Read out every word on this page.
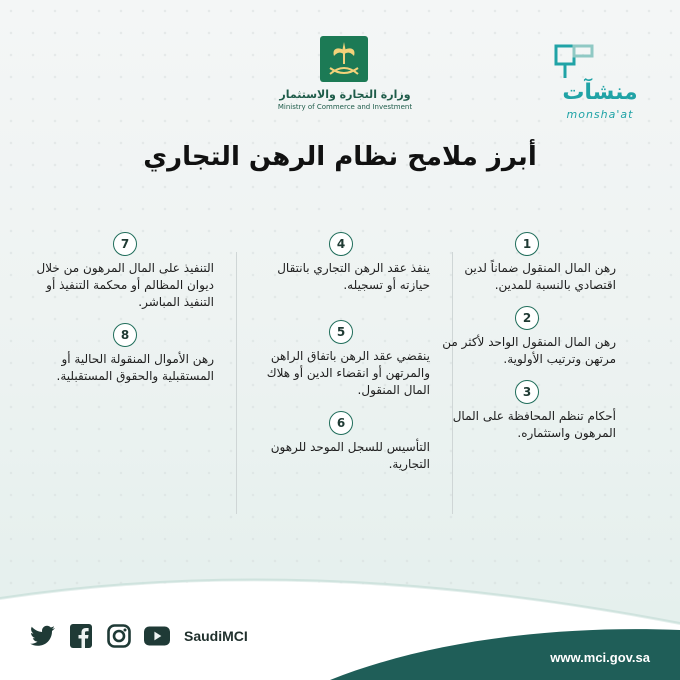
وزارة التجارة والاستثمار
Ministry of Commerce and Investment
منشآت
monsha'at
أبرز ملامح نظام الرهن التجاري
1
رهن المال المنقول ضماناً لدين اقتصادي بالنسبة للمدين.
2
رهن المال المنقول الواحد لأكثر من مرتهن وترتيب الأولوية.
3
أحكام تنظم المحافظة على المال المرهون واستثماره.
4
ينفذ عقد الرهن التجاري بانتقال حيازته أو تسجيله.
5
ينقضي عقد الرهن باتفاق الراهن والمرتهن أو انقضاء الدين أو هلاك المال المنقول.
6
التأسيس للسجل الموحد للرهون التجارية.
7
التنفيذ على المال المرهون من خلال ديوان المظالم أو محكمة التنفيذ أو التنفيذ المباشر.
8
رهن الأموال المنقولة الحالية أو المستقبلية والحقوق المستقبلية.
SaudiMCI
www.mci.gov.sa
